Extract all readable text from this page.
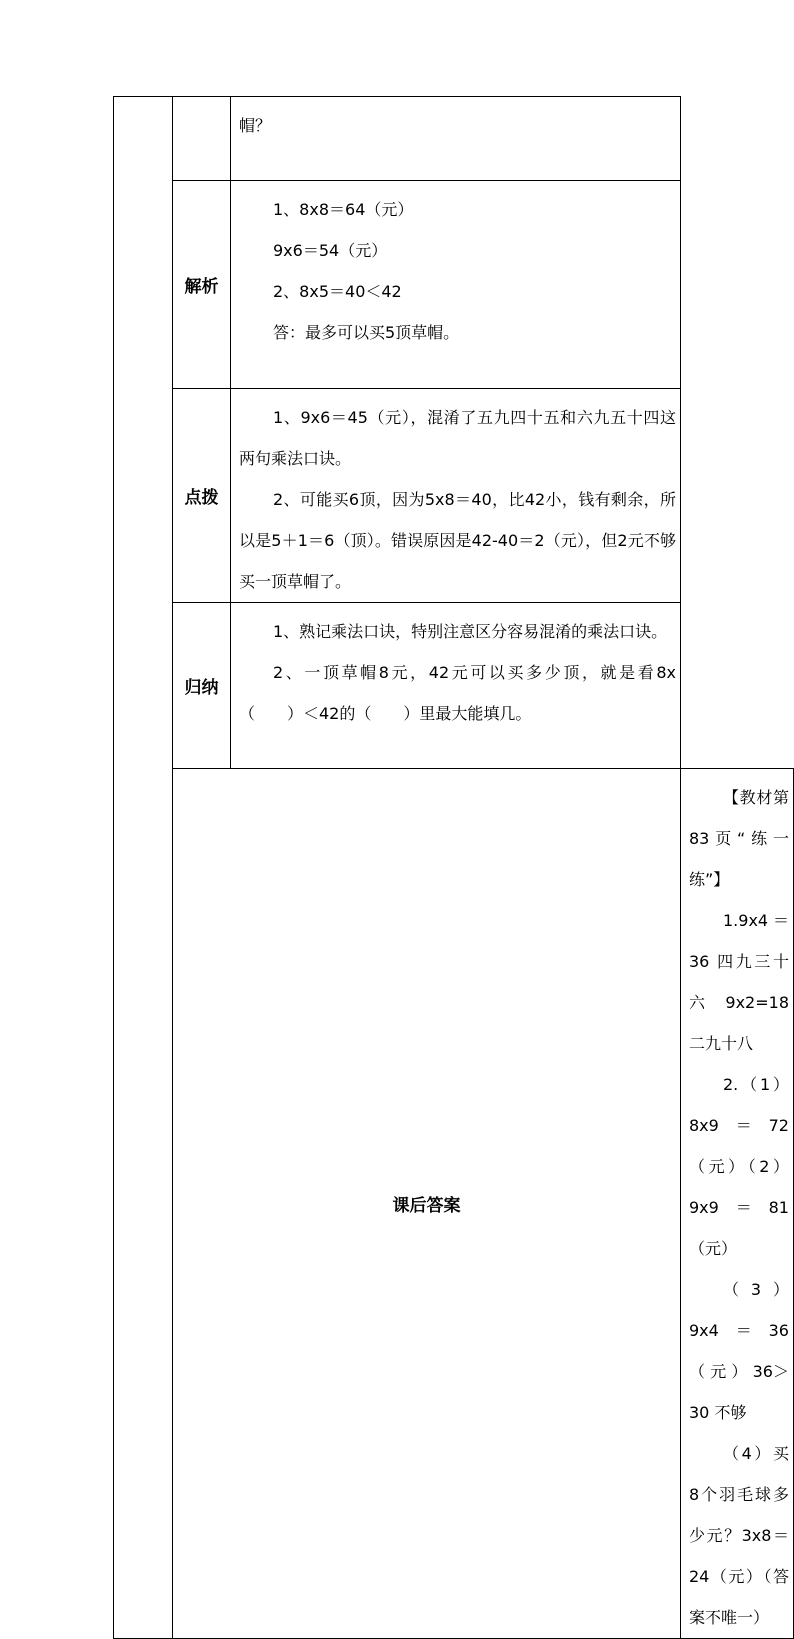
		帽？	

	解析	1、8x8＝64（元）

9x6＝54（元）

2、8x5＝40＜42

答：最多可以买5顶草帽。	

	点拨	1、9x6＝45（元），混淆了五九四十五和六九五十四这两句乘法口诀。

2、可能买6顶，因为5x8＝40，比42小，钱有剩余，所以是5＋1＝6（顶）。错误原因是42-40＝2（元），但2元不够买一顶草帽了。	

	归纳	1、熟记乘法口诀，特别注意区分容易混淆的乘法口诀。

2、一顶草帽8元，42元可以买多少顶，就是看8x（　　）＜42的（　　）里最大能填几。	

	课后答案		【教材第83页“练一练”】

1.9x4＝36 四九三十六 9x2=18 二九十八

2.（1）8x9＝72（元）（2）9x9＝81（元）

（3）9x4＝36（元）36＞30 不够

（4）买8个羽毛球多少元？3x8＝24（元）（答案不唯一）
